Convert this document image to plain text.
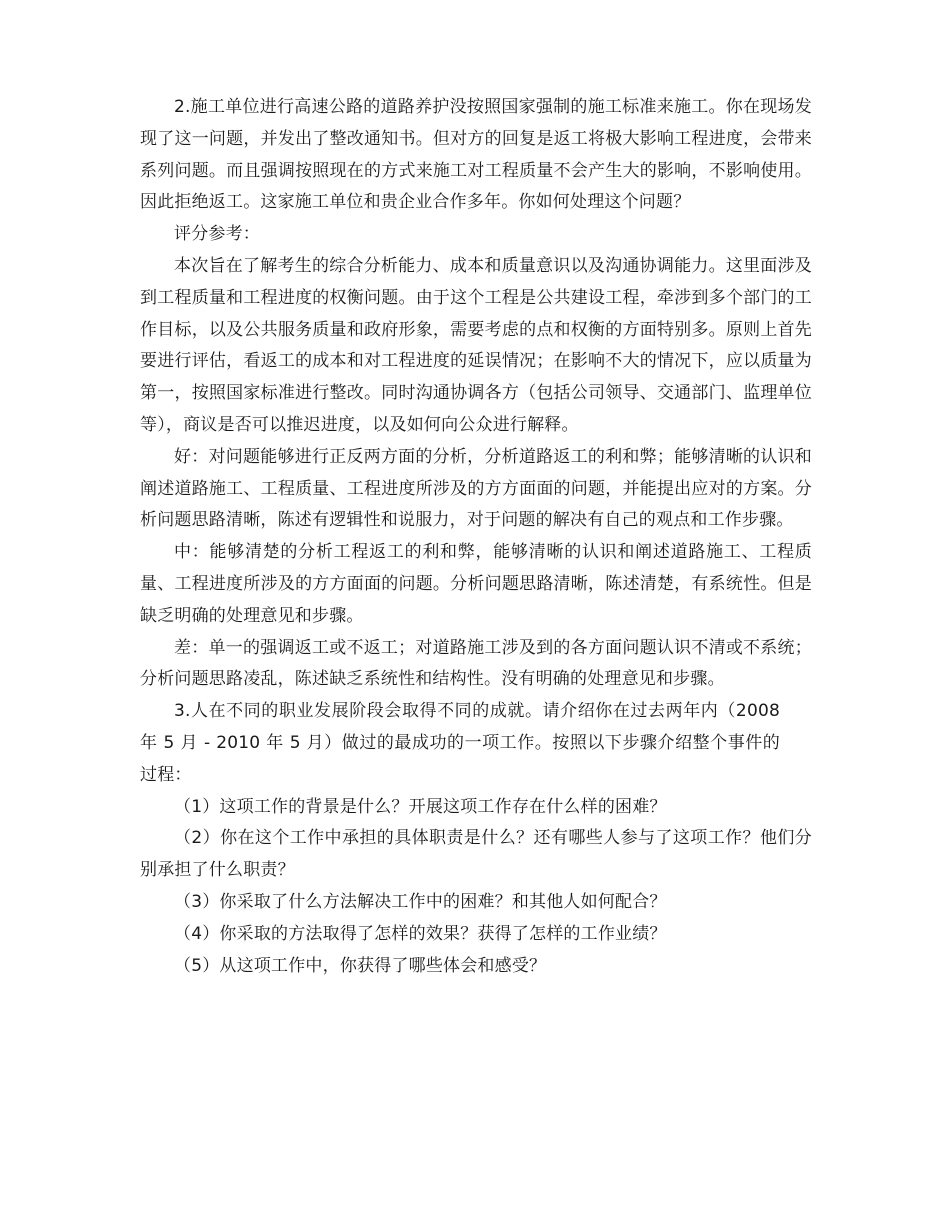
2.施工单位进行高速公路的道路养护没按照国家强制的施工标准来施工。你在现场发现了这一问题，并发出了整改通知书。但对方的回复是返工将极大影响工程进度，会带来系列问题。而且强调按照现在的方式来施工对工程质量不会产生大的影响，不影响使用。因此拒绝返工。这家施工单位和贵企业合作多年。你如何处理这个问题？

评分参考：

本次旨在了解考生的综合分析能力、成本和质量意识以及沟通协调能力。这里面涉及到工程质量和工程进度的权衡问题。由于这个工程是公共建设工程，牵涉到多个部门的工作目标，以及公共服务质量和政府形象，需要考虑的点和权衡的方面特别多。原则上首先要进行评估，看返工的成本和对工程进度的延误情况；在影响不大的情况下，应以质量为第一，按照国家标准进行整改。同时沟通协调各方（包括公司领导、交通部门、监理单位等），商议是否可以推迟进度，以及如何向公众进行解释。

好：对问题能够进行正反两方面的分析，分析道路返工的利和弊；能够清晰的认识和阐述道路施工、工程质量、工程进度所涉及的方方面面的问题，并能提出应对的方案。分析问题思路清晰，陈述有逻辑性和说服力，对于问题的解决有自己的观点和工作步骤。

中：能够清楚的分析工程返工的利和弊，能够清晰的认识和阐述道路施工、工程质量、工程进度所涉及的方方面面的问题。分析问题思路清晰，陈述清楚，有系统性。但是缺乏明确的处理意见和步骤。

差：单一的强调返工或不返工；对道路施工涉及到的各方面问题认识不清或不系统；分析问题思路凌乱，陈述缺乏系统性和结构性。没有明确的处理意见和步骤。

3.人在不同的职业发展阶段会取得不同的成就。请介绍你在过去两年内（2008 年 5 月 - 2010 年 5 月）做过的最成功的一项工作。按照以下步骤介绍整个事件的过程：

（1）这项工作的背景是什么？开展这项工作存在什么样的困难？

（2）你在这个工作中承担的具体职责是什么？还有哪些人参与了这项工作？他们分别承担了什么职责？

（3）你采取了什么方法解决工作中的困难？和其他人如何配合？

（4）你采取的方法取得了怎样的效果？获得了怎样的工作业绩？

（5）从这项工作中，你获得了哪些体会和感受？
